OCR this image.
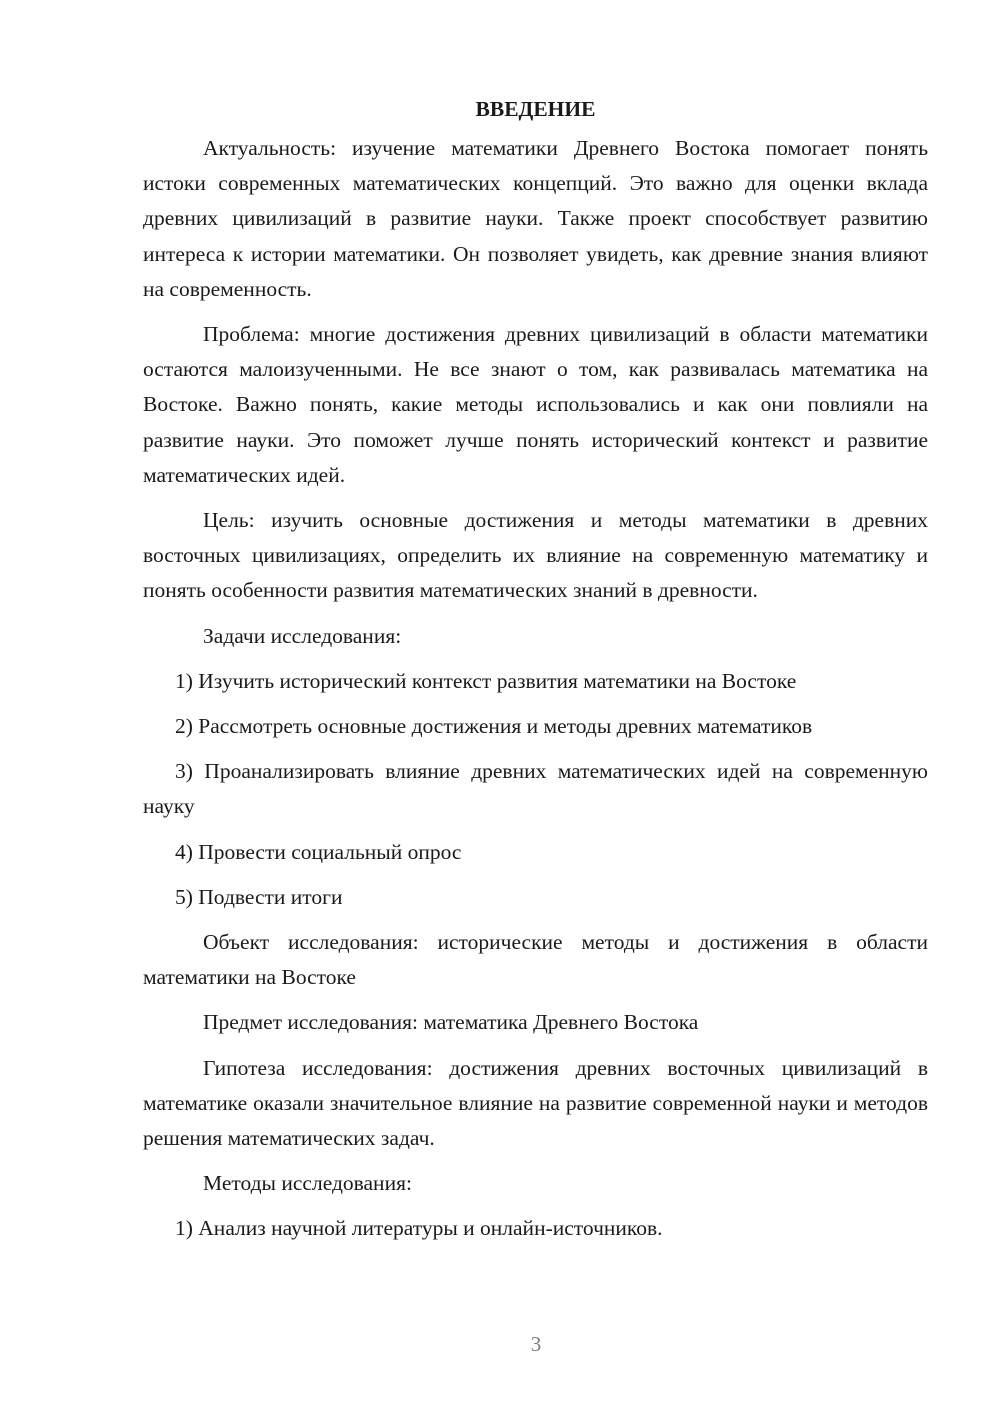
ВВЕДЕНИЕ

Актуальность: изучение математики Древнего Востока помогает понять истоки современных математических концепций. Это важно для оценки вклада древних цивилизаций в развитие науки. Также проект способствует развитию интереса к истории математики. Он позволяет увидеть, как древние знания влияют на современность.

Проблема: многие достижения древних цивилизаций в области математики остаются малоизученными. Не все знают о том, как развивалась математика на Востоке. Важно понять, какие методы использовались и как они повлияли на развитие науки. Это поможет лучше понять исторический контекст и развитие математических идей.

Цель: изучить основные достижения и методы математики в древних восточных цивилизациях, определить их влияние на современную математику и понять особенности развития математических знаний в древности.

Задачи исследования:

1) Изучить исторический контекст развития математики на Востоке

2) Рассмотреть основные достижения и методы древних математиков

3) Проанализировать влияние древних математических идей на современную науку

4) Провести социальный опрос

5) Подвести итоги

Объект исследования: исторические методы и достижения в области математики на Востоке

Предмет исследования: математика Древнего Востока

Гипотеза исследования: достижения древних восточных цивилизаций в математике оказали значительное влияние на развитие современной науки и методов решения математических задач.

Методы исследования:

1) Анализ научной литературы и онлайн-источников.

3
